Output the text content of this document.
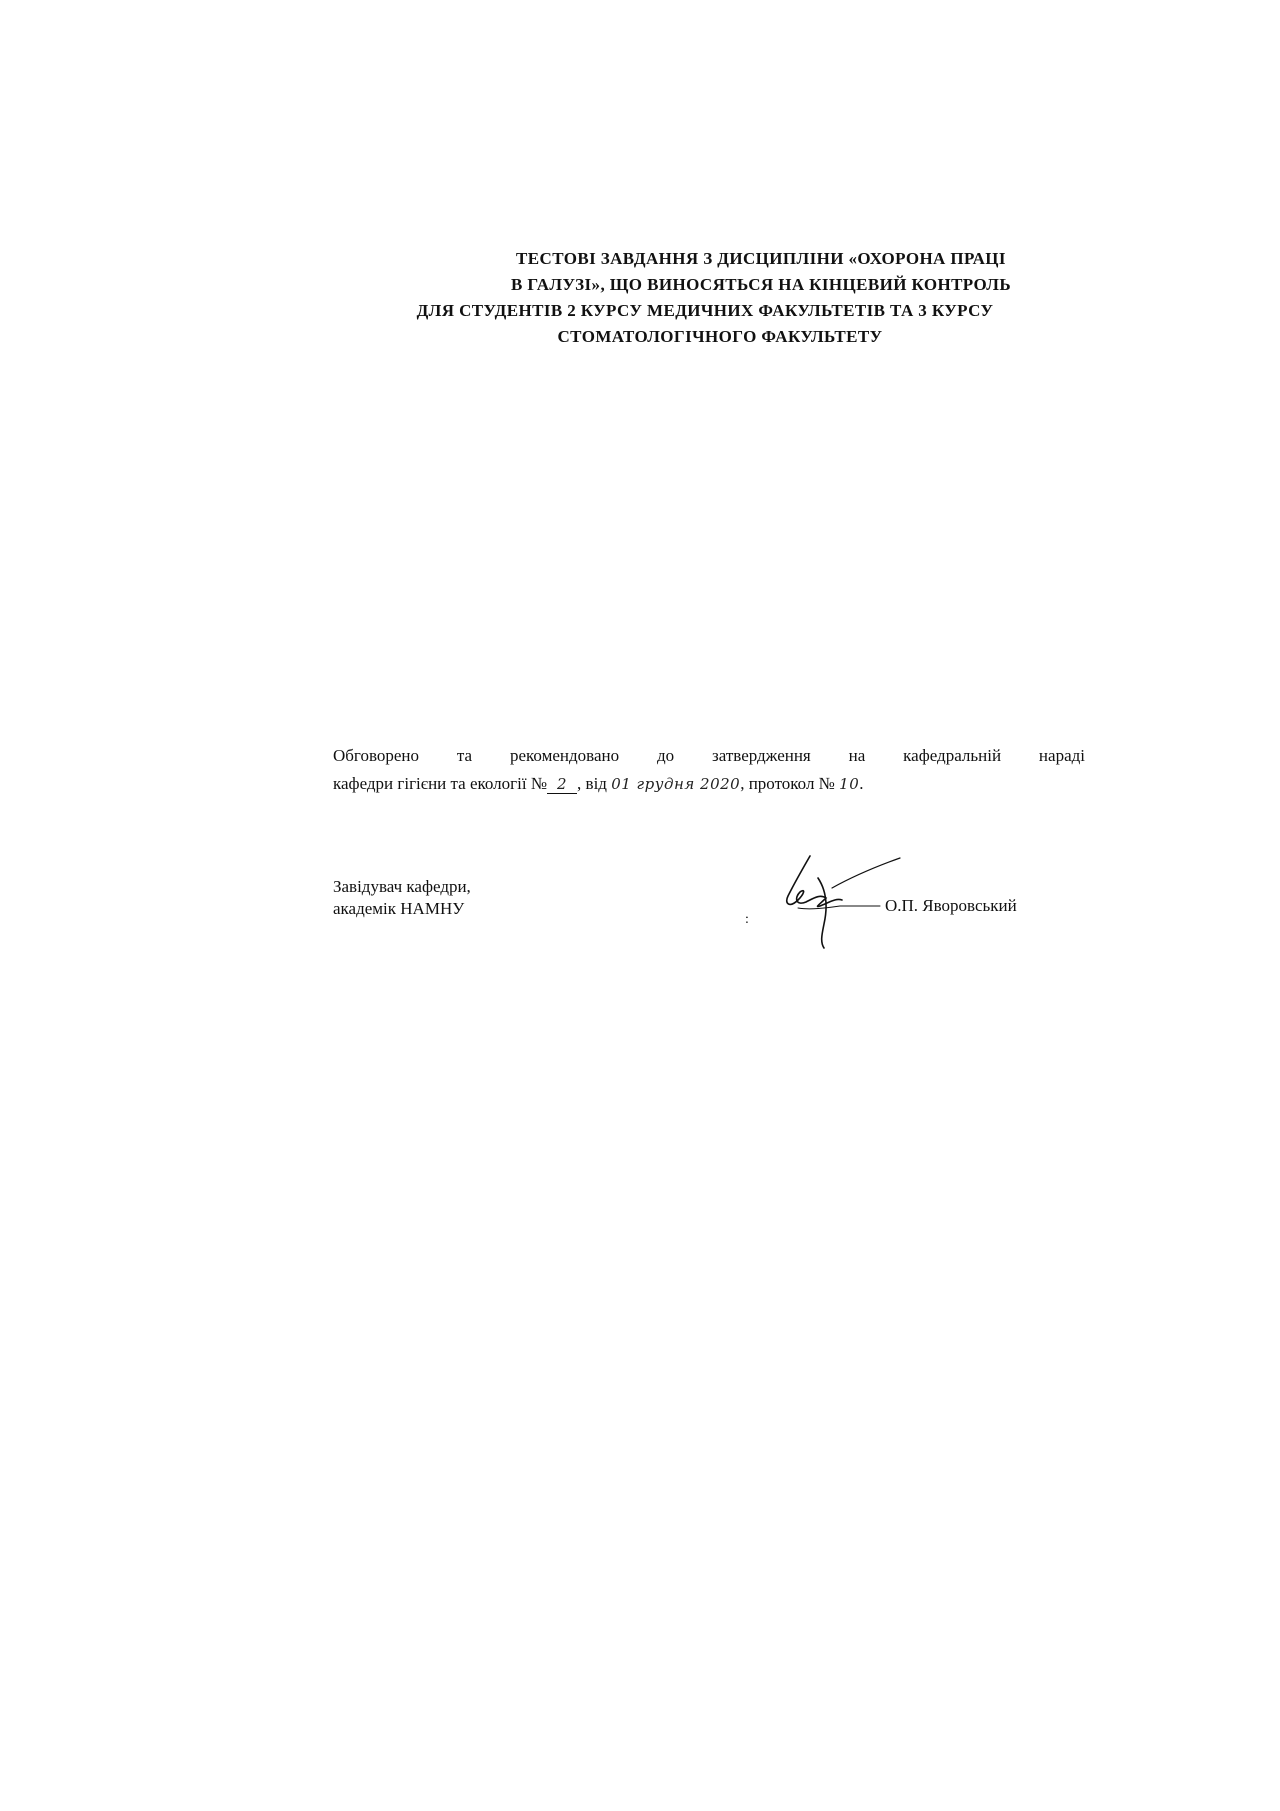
ТЕСТОВІ ЗАВДАННЯ З ДИСЦИПЛІНИ «ОХОРОНА ПРАЦІ
В ГАЛУЗІ», ЩО ВИНОСЯТЬСЯ НА КІНЦЕВИЙ КОНТРОЛЬ
ДЛЯ СТУДЕНТІВ 2 КУРСУ МЕДИЧНИХ ФАКУЛЬТЕТІВ ТА 3 КУРСУ
СТОМАТОЛОГІЧНОГО ФАКУЛЬТЕТУ
Обговорено та рекомендовано до затвердження на кафедральній нараді
кафедри гігієни та екології № 2 , від 01 грудня 2020, протокол № 10.
Завідувач кафедри,
академік НАМНУ
:
О.П. Яворовський
